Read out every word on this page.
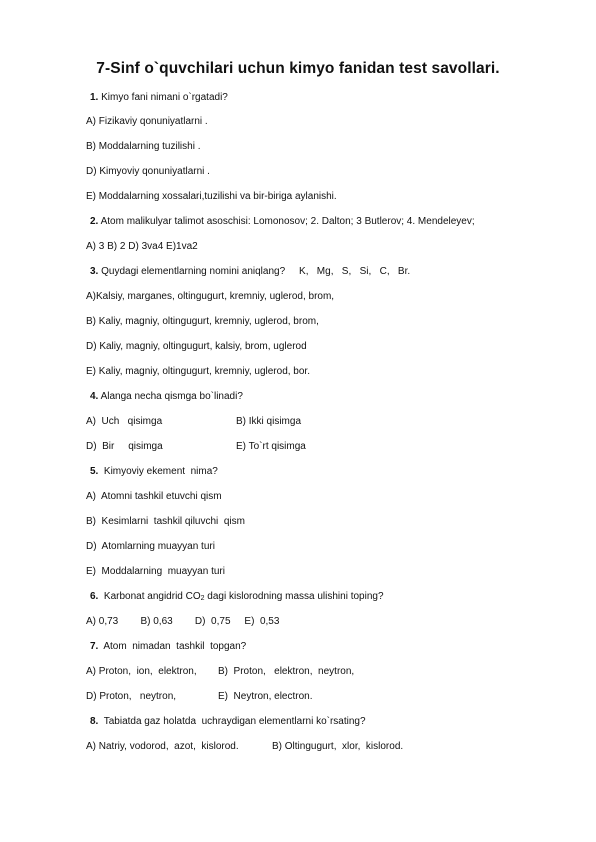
7-Sinf o`quvchilari uchun kimyo fanidan test savollari.
1. Kimyo fani nimani o`rgatadi?
A) Fizikaviy qonuniyatlarni .
B) Moddalarning tuzilishi .
D) Kimyoviy qonuniyatlarni .
E) Moddalarning xossalari,tuzilishi va bir-biriga aylanishi.
2. Atom malikulyar talimot asoschisi: Lomonosov; 2. Dalton; 3 Butlerov; 4. Mendeleyev;
A) 3 B) 2 D) 3va4 E)1va2
3. Quydagi elementlarning nomini aniqlang?     K,   Mg,   S,   Si,   C,   Br.
A)Kalsiy, marganes, oltingugurt, kremniy, uglerod, brom,
B) Kaliy, magniy, oltingugurt, kremniy, uglerod, brom,
D) Kaliy, magniy, oltingugurt, kalsiy, brom, uglerod
E) Kaliy, magniy, oltingugurt, kremniy, uglerod, bor.
4. Alanga necha qismga bo`linadi?
A)  Uch   qisimga	B) Ikki qisimga
D)  Bir     qisimga	E) To`rt qisimga
5.  Kimyoviy ekement  nima?
A)  Atomni tashkil etuvchi qism
B)  Kesimlarni  tashkil qiluvchi  qism
D)  Atomlarning muayyan turi
E)  Moddalarning  muayyan turi
6.  Karbonat angidrid $CO_2$ dagi kislorodning massa ulishini toping?
A) 0,73        B) 0,63        D)  0,75     E)  0,53
7.  Atom  nimadan  tashkil  topgan?
A) Proton,  ion,  elektron, B)  Proton,   elektron,  neytron,
D) Proton,   neytron,	E)  Neytron, electron.
8.  Tabiatda gaz holatda  uchraydigan elementlarni ko`rsating?
A) Natriy, vodorod,  azot,  kislorod.	B) Oltingugurt,  xlor,  kislorod.
